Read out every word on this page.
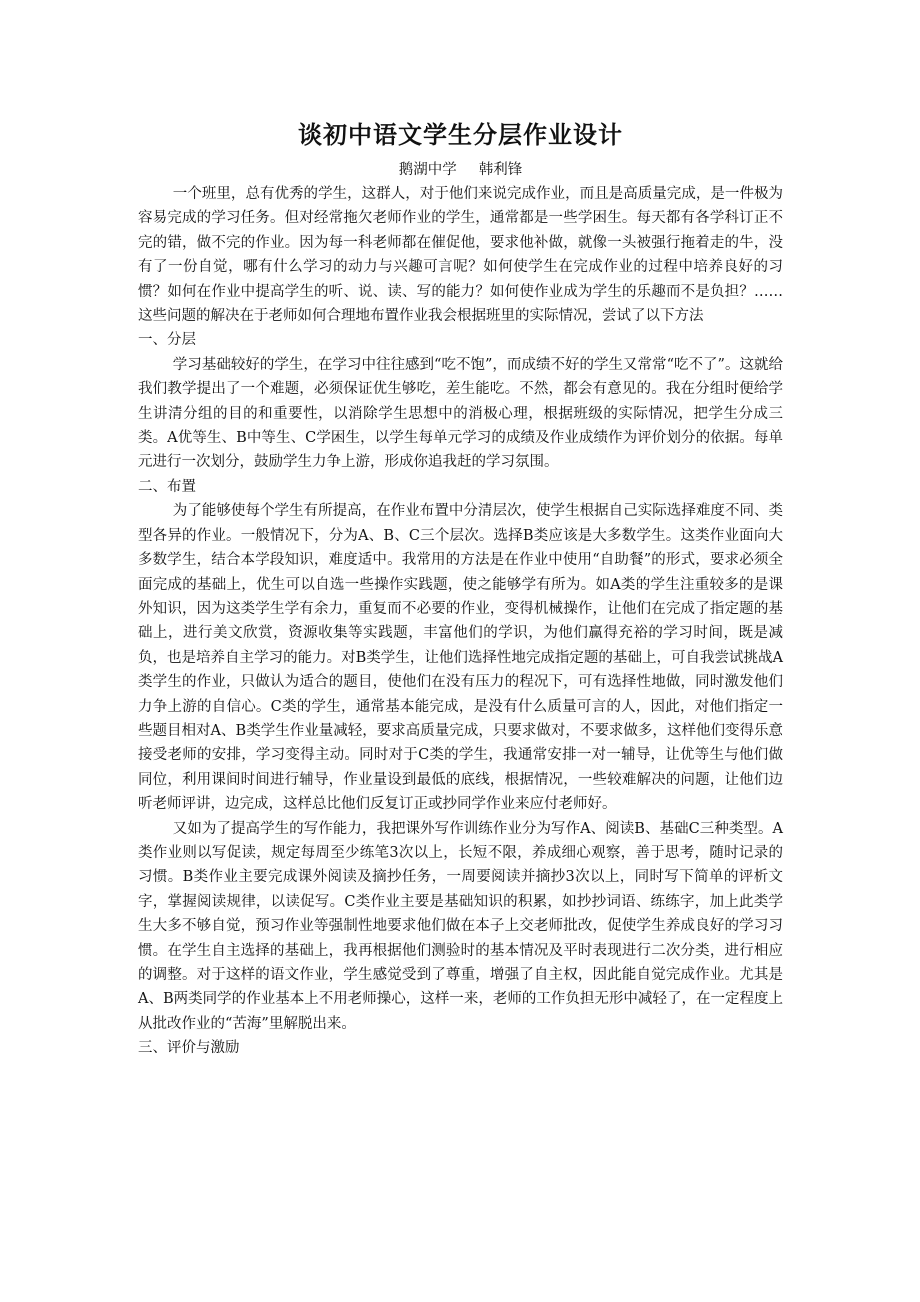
谈初中语文学生分层作业设计
鹅湖中学 韩利锋

一个班里，总有优秀的学生，这群人，对于他们来说完成作业，而且是高质量完成，是一件极为容易完成的学习任务。但对经常拖欠老师作业的学生，通常都是一些学困生。每天都有各学科订正不完的错，做不完的作业。因为每一科老师都在催促他，要求他补做，就像一头被强行拖着走的牛，没有了一份自觉，哪有什么学习的动力与兴趣可言呢？如何使学生在完成作业的过程中培养良好的习惯？如何在作业中提高学生的听、说、读、写的能力？如何使作业成为学生的乐趣而不是负担？……这些问题的解决在于老师如何合理地布置作业我会根据班里的实际情况，尝试了以下方法

一、分层

学习基础较好的学生，在学习中往往感到“吃不饱”，而成绩不好的学生又常常“吃不了”。这就给我们教学提出了一个难题，必须保证优生够吃，差生能吃。不然，都会有意见的。我在分组时便给学生讲清分组的目的和重要性，以消除学生思想中的消极心理，根据班级的实际情况，把学生分成三类。A优等生、B中等生、C学困生，以学生每单元学习的成绩及作业成绩作为评价划分的依据。每单元进行一次划分，鼓励学生力争上游，形成你追我赶的学习氛围。

二、布置

为了能够使每个学生有所提高，在作业布置中分清层次，使学生根据自己实际选择难度不同、类型各异的作业。一般情况下，分为A、B、C三个层次。选择B类应该是大多数学生。这类作业面向大多数学生，结合本学段知识，难度适中。我常用的方法是在作业中使用“自助餐”的形式，要求必须全面完成的基础上，优生可以自选一些操作实践题，使之能够学有所为。如A类的学生注重较多的是课外知识，因为这类学生学有余力，重复而不必要的作业，变得机械操作，让他们在完成了指定题的基础上，进行美文欣赏，资源收集等实践题，丰富他们的学识，为他们赢得充裕的学习时间，既是减负，也是培养自主学习的能力。对B类学生，让他们选择性地完成指定题的基础上，可自我尝试挑战A类学生的作业，只做认为适合的题目，使他们在没有压力的程况下，可有选择性地做，同时激发他们力争上游的自信心。C类的学生，通常基本能完成，是没有什么质量可言的人，因此，对他们指定一些题目相对A、B类学生作业量减轻，要求高质量完成，只要求做对，不要求做多，这样他们变得乐意接受老师的安排，学习变得主动。同时对于C类的学生，我通常安排一对一辅导，让优等生与他们做同位，利用课间时间进行辅导，作业量设到最低的底线，根据情况，一些较难解决的问题，让他们边听老师评讲，边完成，这样总比他们反复订正或抄同学作业来应付老师好。

又如为了提高学生的写作能力，我把课外写作训练作业分为写作A、阅读B、基础C三种类型。A类作业则以写促读，规定每周至少练笔3次以上，长短不限，养成细心观察，善于思考，随时记录的习惯。B类作业主要完成课外阅读及摘抄任务，一周要阅读并摘抄3次以上，同时写下简单的评析文字，掌握阅读规律，以读促写。C类作业主要是基础知识的积累，如抄抄词语、练练字，加上此类学生大多不够自觉，预习作业等强制性地要求他们做在本子上交老师批改，促使学生养成良好的学习习惯。在学生自主选择的基础上，我再根据他们测验时的基本情况及平时表现进行二次分类，进行相应的调整。对于这样的语文作业，学生感觉受到了尊重，增强了自主权，因此能自觉完成作业。尤其是A、B两类同学的作业基本上不用老师操心，这样一来，老师的工作负担无形中减轻了，在一定程度上从批改作业的“苦海”里解脱出来。

三、评价与激励
